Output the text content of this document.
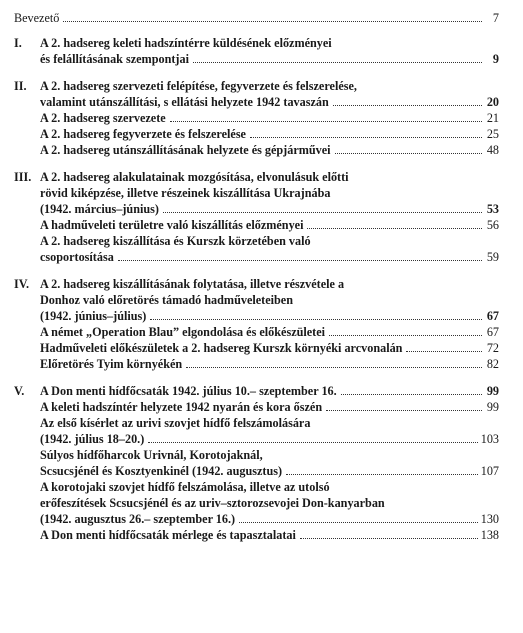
Bevezető	7
I.	A 2. hadsereg keleti hadszíntérre küldésének előzményei
és felállításának szempontjai	9
II.	A 2. hadsereg szervezeti felépítése, fegyverzete és felszerelése,
valamint utánszállítási, s ellátási helyzete 1942 tavaszán	20
A 2. hadsereg szervezete	21
A 2. hadsereg fegyverzete és felszerelése	25
A 2. hadsereg utánszállításának helyzete és gépjárművei	48
III. A 2. hadsereg alakulatainak mozgósítása, elvonulásuk előtti
rövid kiképzése, illetve részeinek kiszállítása Ukrajnába
(1942. március–június)	53
A hadműveleti területre való kiszállítás előzményei	56
A 2. hadsereg kiszállítása és Kurszk körzetében való
csoportosítása	59
IV. A 2. hadsereg kiszállításának folytatása, illetve részvétele a
Donhoz való előretörés támadó hadműveleteiben
(1942. június–július)	67
A német „Operation Blau” elgondolása és előkészületei	67
Hadműveleti előkészületek a 2. hadsereg Kurszk környéki arcvonalán	72
Előretörés Tyim környékén	82
V.	A Don menti hídfőcsaták 1942. július 10.– szeptember 16.	99
A keleti hadszíntér helyzete 1942 nyarán és kora őszén	99
Az első kísérlet az urivi szovjet hídfő felszámolására
(1942. július 18–20.)	103
Súlyos hídfőharcok Urivnál, Korotojaknál,
Scsucsjénél és Kosztyenkinél (1942. augusztus)	107
A korotojaki szovjet hídfő felszámolása, illetve az utolsó
erőfeszítések Scsucsjénél és az uriv–sztorozsevojei Don-kanyarban
(1942. augusztus 26.– szeptember 16.)	130
A Don menti hídfőcsaták mérlege és tapasztalatai	138
